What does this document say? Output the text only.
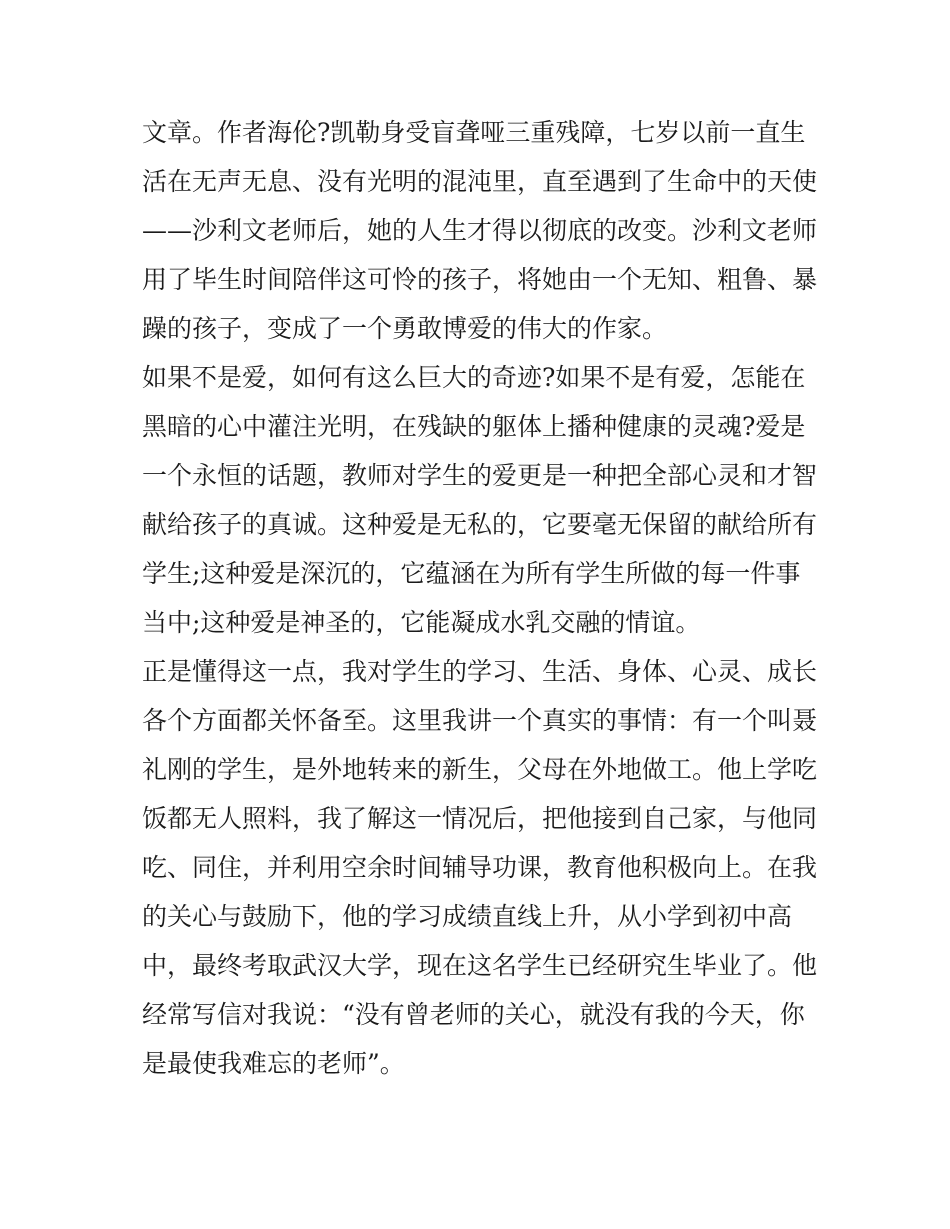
文章。作者海伦?凯勒身受盲聋哑三重残障，七岁以前一直生
活在无声无息、没有光明的混沌里，直至遇到了生命中的天使
——沙利文老师后，她的人生才得以彻底的改变。沙利文老师
用了毕生时间陪伴这可怜的孩子，将她由一个无知、粗鲁、暴
躁的孩子，变成了一个勇敢博爱的伟大的作家。
如果不是爱，如何有这么巨大的奇迹?如果不是有爱，怎能在
黑暗的心中灌注光明，在残缺的躯体上播种健康的灵魂?爱是
一个永恒的话题，教师对学生的爱更是一种把全部心灵和才智
献给孩子的真诚。这种爱是无私的，它要毫无保留的献给所有
学生;这种爱是深沉的，它蕴涵在为所有学生所做的每一件事
当中;这种爱是神圣的，它能凝成水乳交融的情谊。
正是懂得这一点，我对学生的学习、生活、身体、心灵、成长
各个方面都关怀备至。这里我讲一个真实的事情：有一个叫聂
礼刚的学生，是外地转来的新生，父母在外地做工。他上学吃
饭都无人照料，我了解这一情况后，把他接到自己家，与他同
吃、同住，并利用空余时间辅导功课，教育他积极向上。在我
的关心与鼓励下，他的学习成绩直线上升，从小学到初中高
中，最终考取武汉大学，现在这名学生已经研究生毕业了。他
经常写信对我说：“没有曾老师的关心，就没有我的今天，你
是最使我难忘的老师”。
